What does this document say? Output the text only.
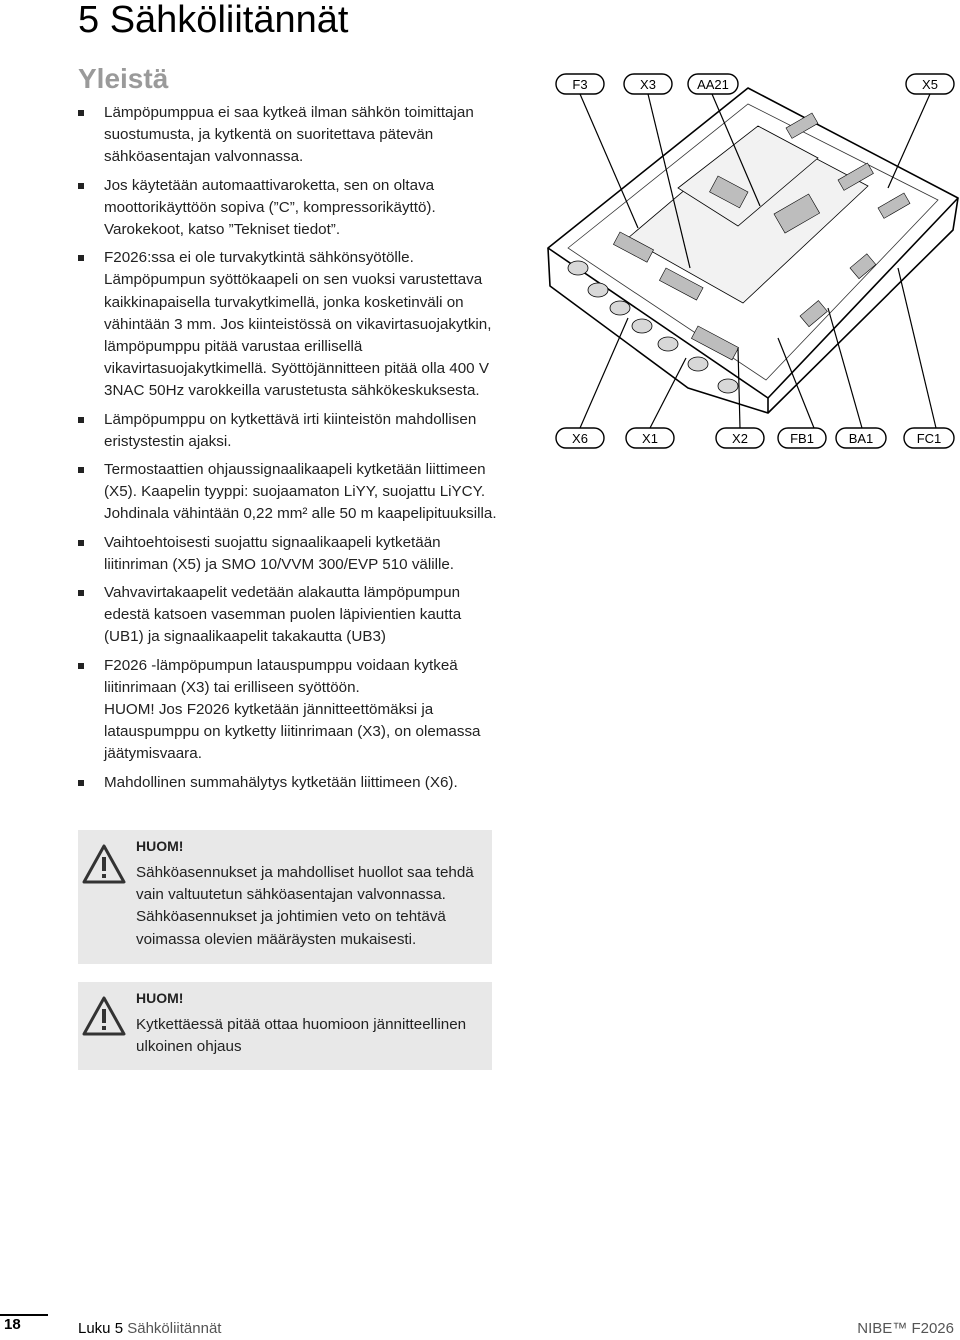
5 Sähköliitännät
Yleistä
Lämpöpumppua ei saa kytkeä ilman sähkön toimittajan suostumusta, ja kytkentä on suoritettava pätevän sähköasentajan valvonnassa.
Jos käytetään automaattivaroketta, sen on oltava moottorikäyttöön sopiva (”C”, kompressorikäyttö). Varokekoot, katso ”Tekniset tiedot”.
F2026:ssa ei ole turvakytkintä sähkönsyötölle. Lämpöpumpun syöttökaapeli on sen vuoksi varustettava kaikkinapaisella turvakytkimellä, jonka kosketinväli on vähintään 3 mm. Jos kiinteistössä on vikavirtasuojakytkin, lämpöpumppu pitää varustaa erillisellä vikavirtasuojakytkimellä. Syöttöjännitteen pitää olla 400 V 3NAC 50Hz varokkeilla varustetusta sähkökeskuksesta.
Lämpöpumppu on kytkettävä irti kiinteistön mahdollisen eristystestin ajaksi.
Termostaattien ohjaussignaalikaapeli kytketään liittimeen (X5). Kaapelin tyyppi: suojaamaton LiYY, suojattu LiYCY. Johdinala vähintään 0,22 mm² alle 50 m kaapelipituuksilla.
Vaihtoehtoisesti suojattu signaalikaapeli kytketään liitinriman (X5) ja SMO 10/VVM 300/EVP 510 välille.
Vahvavirtakaapelit vedetään alakautta lämpöpumpun edestä katsoen vasemman puolen läpivientien kautta (UB1) ja signaalikaapelit takakautta (UB3)
F2026 -lämpöpumpun latauspumppu voidaan kytkeä liitinrimaan (X3) tai erilliseen syöttöön.
HUOM! Jos F2026 kytketään jännitteettömäksi ja latauspumppu on kytketty liitinrimaan (X3), on olemassa jäätymisvaara.
Mahdollinen summahälytys kytketään liittimeen (X6).
HUOM!
Sähköasennukset ja mahdolliset huollot saa tehdä vain valtuutetun sähköasentajan valvonnassa. Sähköasennukset ja johtimien veto on tehtävä voimassa olevien määräysten mukaisesti.
HUOM!
Kytkettäessä pitää ottaa huomioon jännitteellinen ulkoinen ohjaus
F3	X3	AA21	X5
X6	X1	X2	FB1	BA1	FC1
18	Luku 5 Sähköliitännät	NIBE™ F2026
